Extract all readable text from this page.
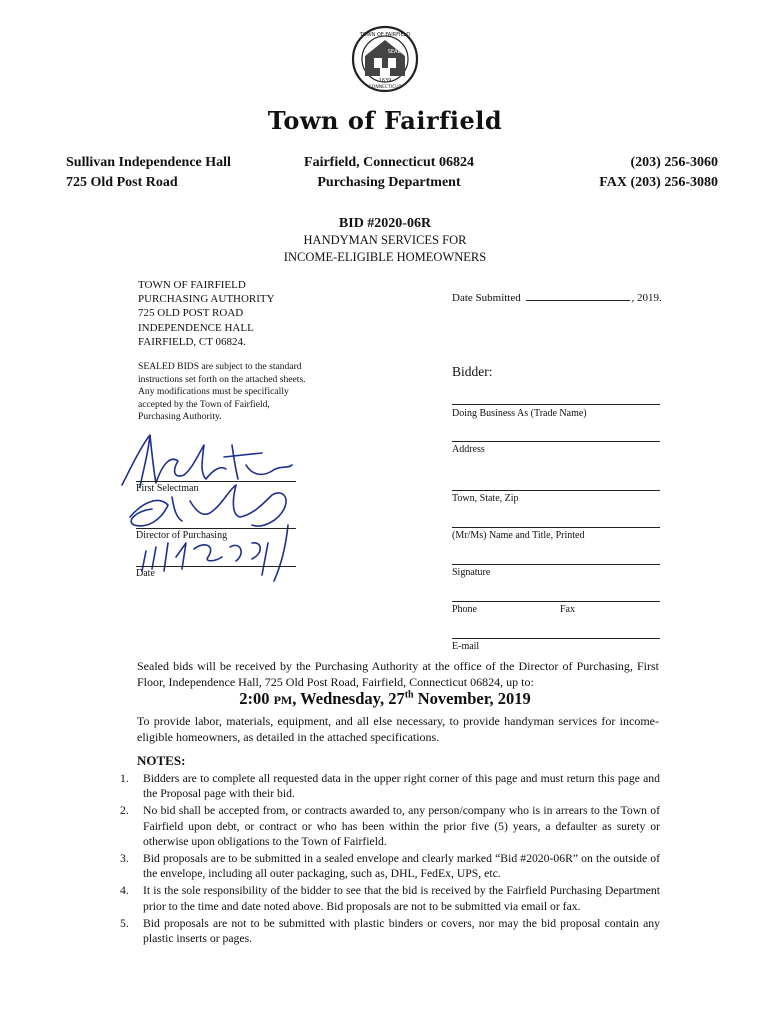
TOWN OF FAIRFIELD
SEAL
1639
CONNECTICUT
Town of Fairfield
Sullivan Independence Hall
725 Old Post Road
Fairfield, Connecticut 06824
Purchasing Department
(203) 256-3060
FAX (203) 256-3080
BID #2020-06R
HANDYMAN SERVICES FOR
INCOME-ELIGIBLE HOMEOWNERS
TOWN OF FAIRFIELD
PURCHASING AUTHORITY
725 OLD POST ROAD
INDEPENDENCE HALL
FAIRFIELD, CT 06824.
SEALED BIDS are subject to the standard
instructions set forth on the attached sheets.
Any modifications must be specifically
accepted by the Town of Fairfield,
Purchasing Authority.
First Selectman
Director of Purchasing
Date
Date Submitted	, 2019.
Bidder:
Doing Business As (Trade Name)
Address
Town, State, Zip
(Mr/Ms) Name and Title, Printed
Signature
Phone	Fax
E-mail
Sealed bids will be received by the Purchasing Authority at the office of the Director of Purchasing, First Floor, Independence Hall, 725 Old Post Road, Fairfield, Connecticut 06824, up to:
2:00 PM, Wednesday, 27th November, 2019
To provide labor, materials, equipment, and all else necessary, to provide handyman services for income-eligible homeowners, as detailed in the attached specifications.
NOTES:
1.	Bidders are to complete all requested data in the upper right corner of this page and must return this page and the Proposal page with their bid.
2.	No bid shall be accepted from, or contracts awarded to, any person/company who is in arrears to the Town of Fairfield upon debt, or contract or who has been within the prior five (5) years, a defaulter as surety or otherwise upon obligations to the Town of Fairfield.
3.	Bid proposals are to be submitted in a sealed envelope and clearly marked “Bid #2020-06R” on the outside of the envelope, including all outer packaging, such as, DHL, FedEx, UPS, etc.
4.	It is the sole responsibility of the bidder to see that the bid is received by the Fairfield Purchasing Department prior to the time and date noted above. Bid proposals are not to be submitted via email or fax.
5.	Bid proposals are not to be submitted with plastic binders or covers, nor may the bid proposal contain any plastic inserts or pages.
